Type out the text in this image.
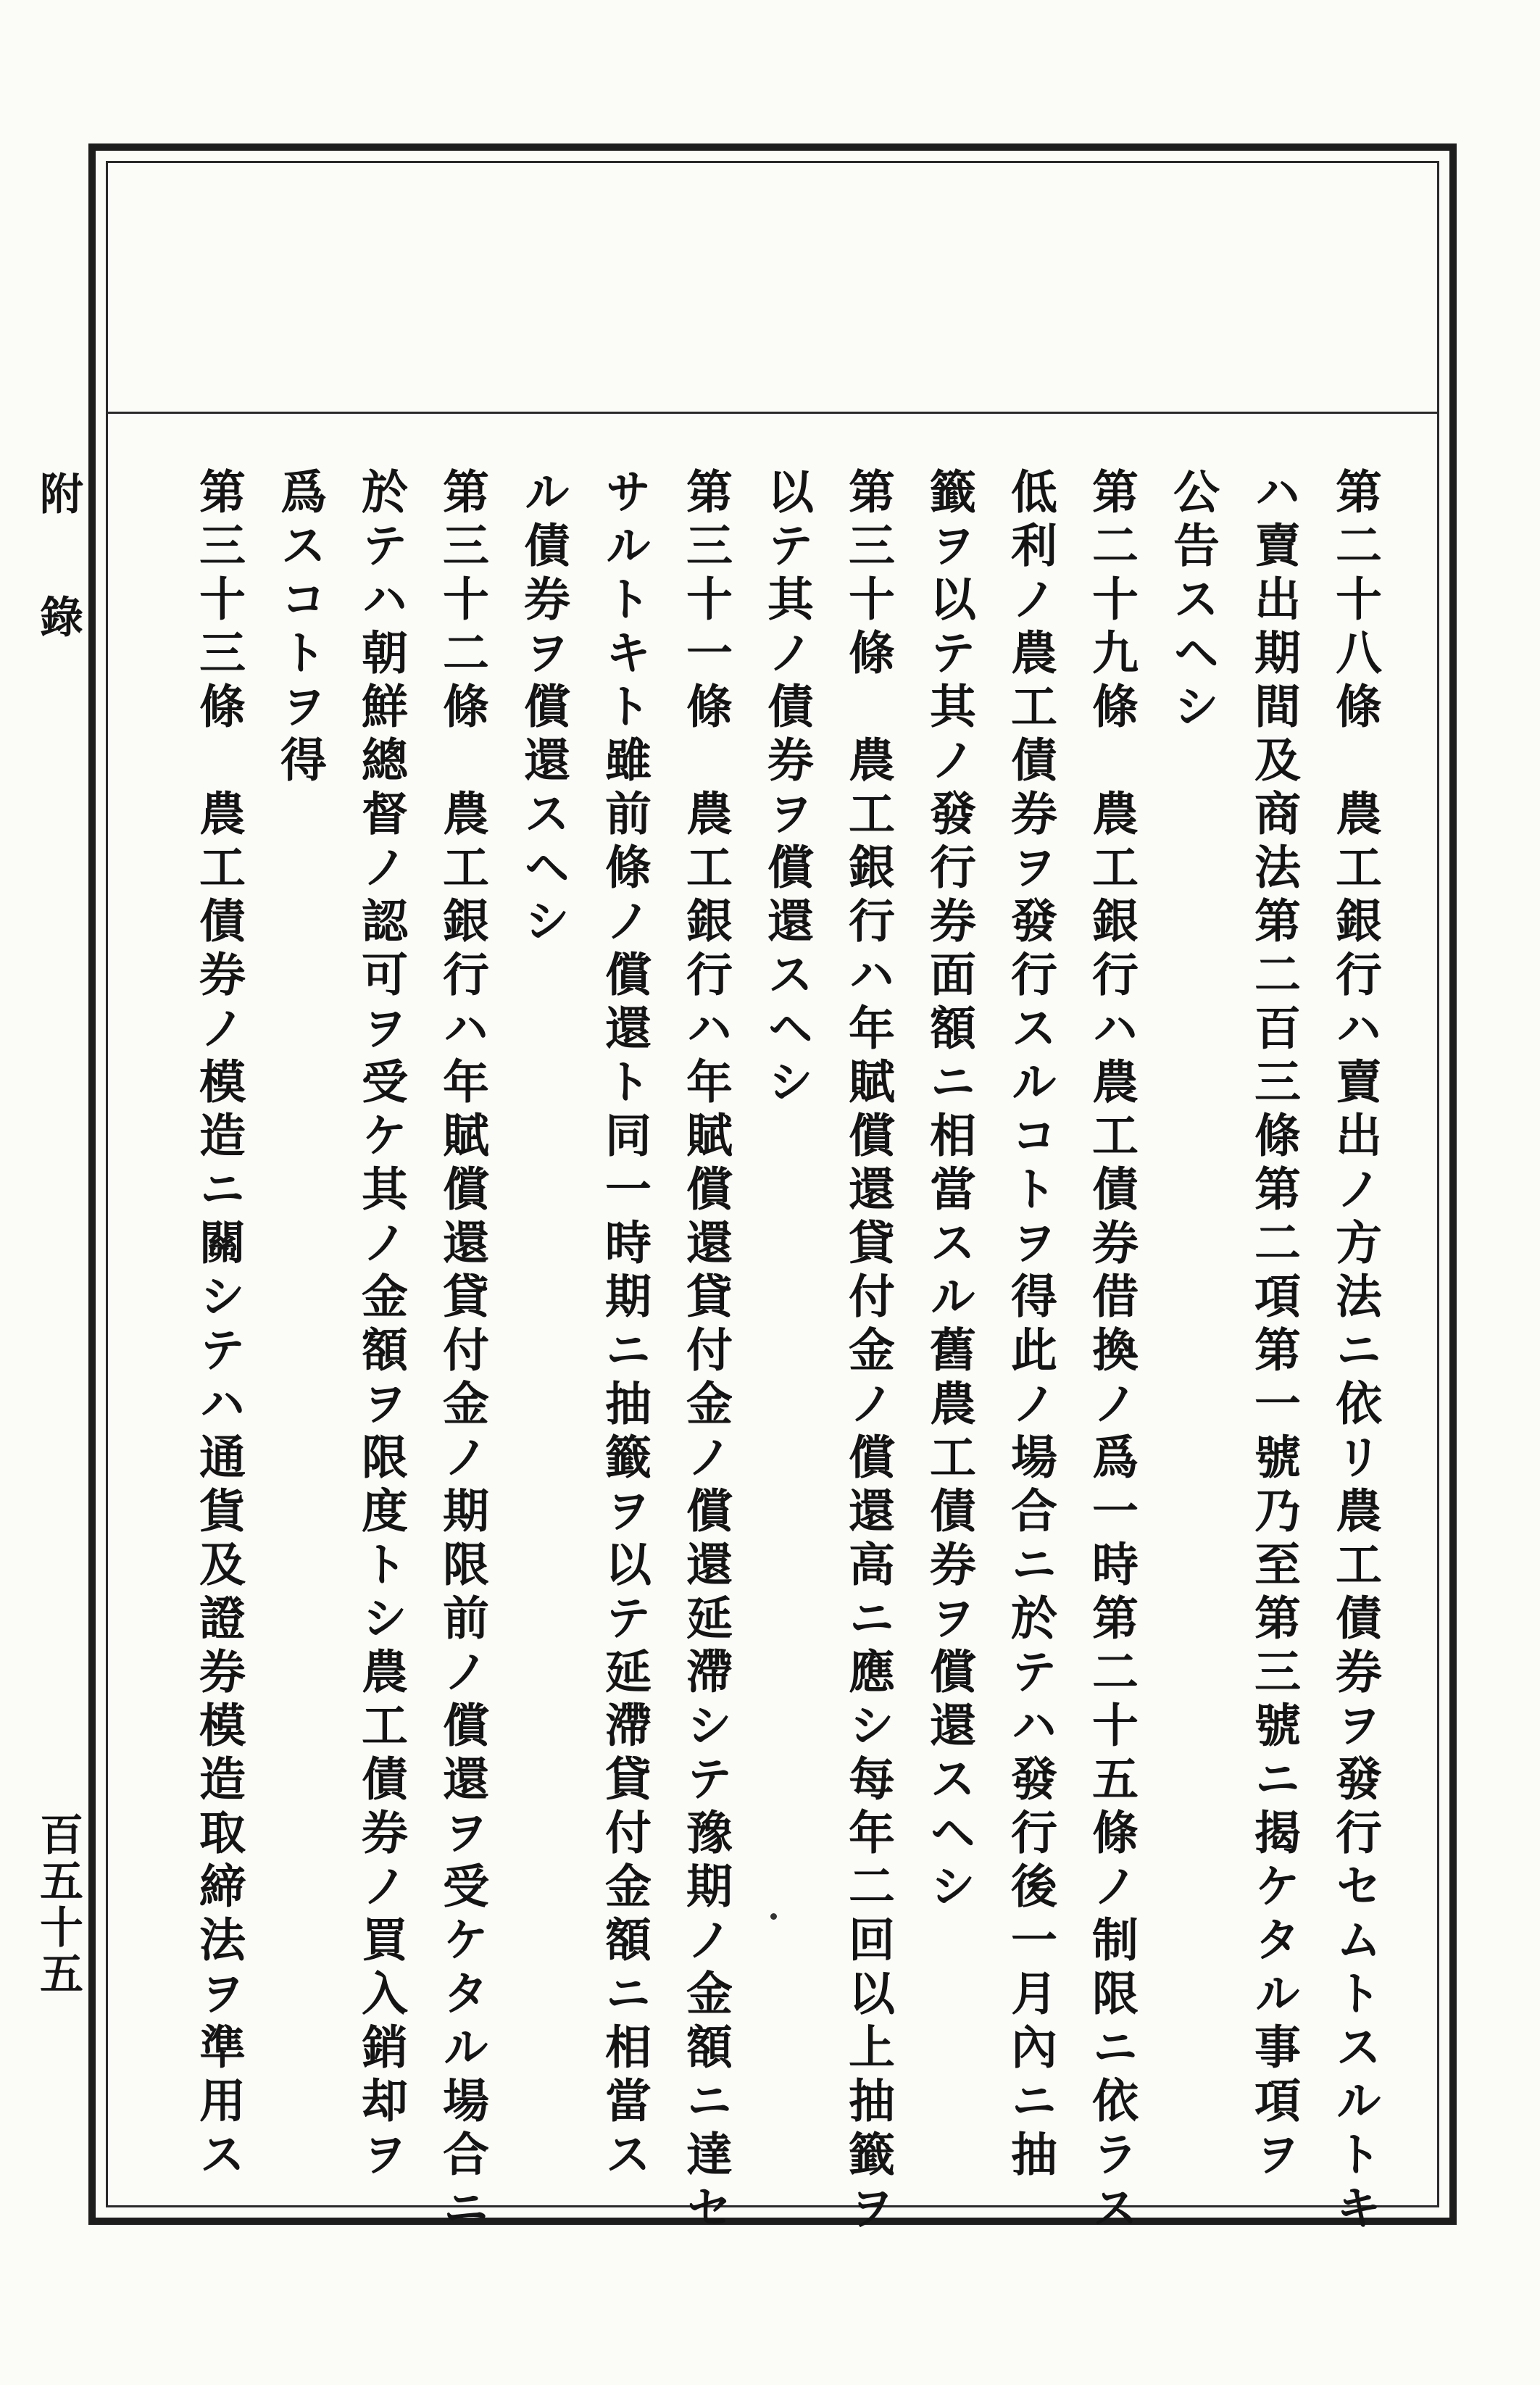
附錄
百五十五	第二十八條　農工銀行ハ賣出ノ方法ニ依リ農工債券ヲ發行セムトスルトキ
ハ賣出期間及商法第二百三條第二項第一號乃至第三號ニ揭ケタル事項ヲ
公告スヘシ
第二十九條　農工銀行ハ農工債券借換ノ爲一時第二十五條ノ制限ニ依ラス
低利ノ農工債券ヲ發行スルコトヲ得此ノ場合ニ於テハ發行後一月內ニ抽
籤ヲ以テ其ノ發行券面額ニ相當スル舊農工債券ヲ償還スヘシ
第三十條　農工銀行ハ年賦償還貸付金ノ償還高ニ應シ每年二回以上抽籤ヲ
以テ其ノ債券ヲ償還スヘシ
第三十一條　農工銀行ハ年賦償還貸付金ノ償還延滯シテ豫期ノ金額ニ達セ
サルトキト雖前條ノ償還ト同一時期ニ抽籤ヲ以テ延滯貸付金額ニ相當ス
ル債券ヲ償還スヘシ
第三十二條　農工銀行ハ年賦償還貸付金ノ期限前ノ償還ヲ受ケタル場合ニ
於テハ朝鮮總督ノ認可ヲ受ケ其ノ金額ヲ限度トシ農工債券ノ買入銷却ヲ
爲スコトヲ得
第三十三條　農工債券ノ模造ニ關シテハ通貨及證券模造取締法ヲ準用ス
